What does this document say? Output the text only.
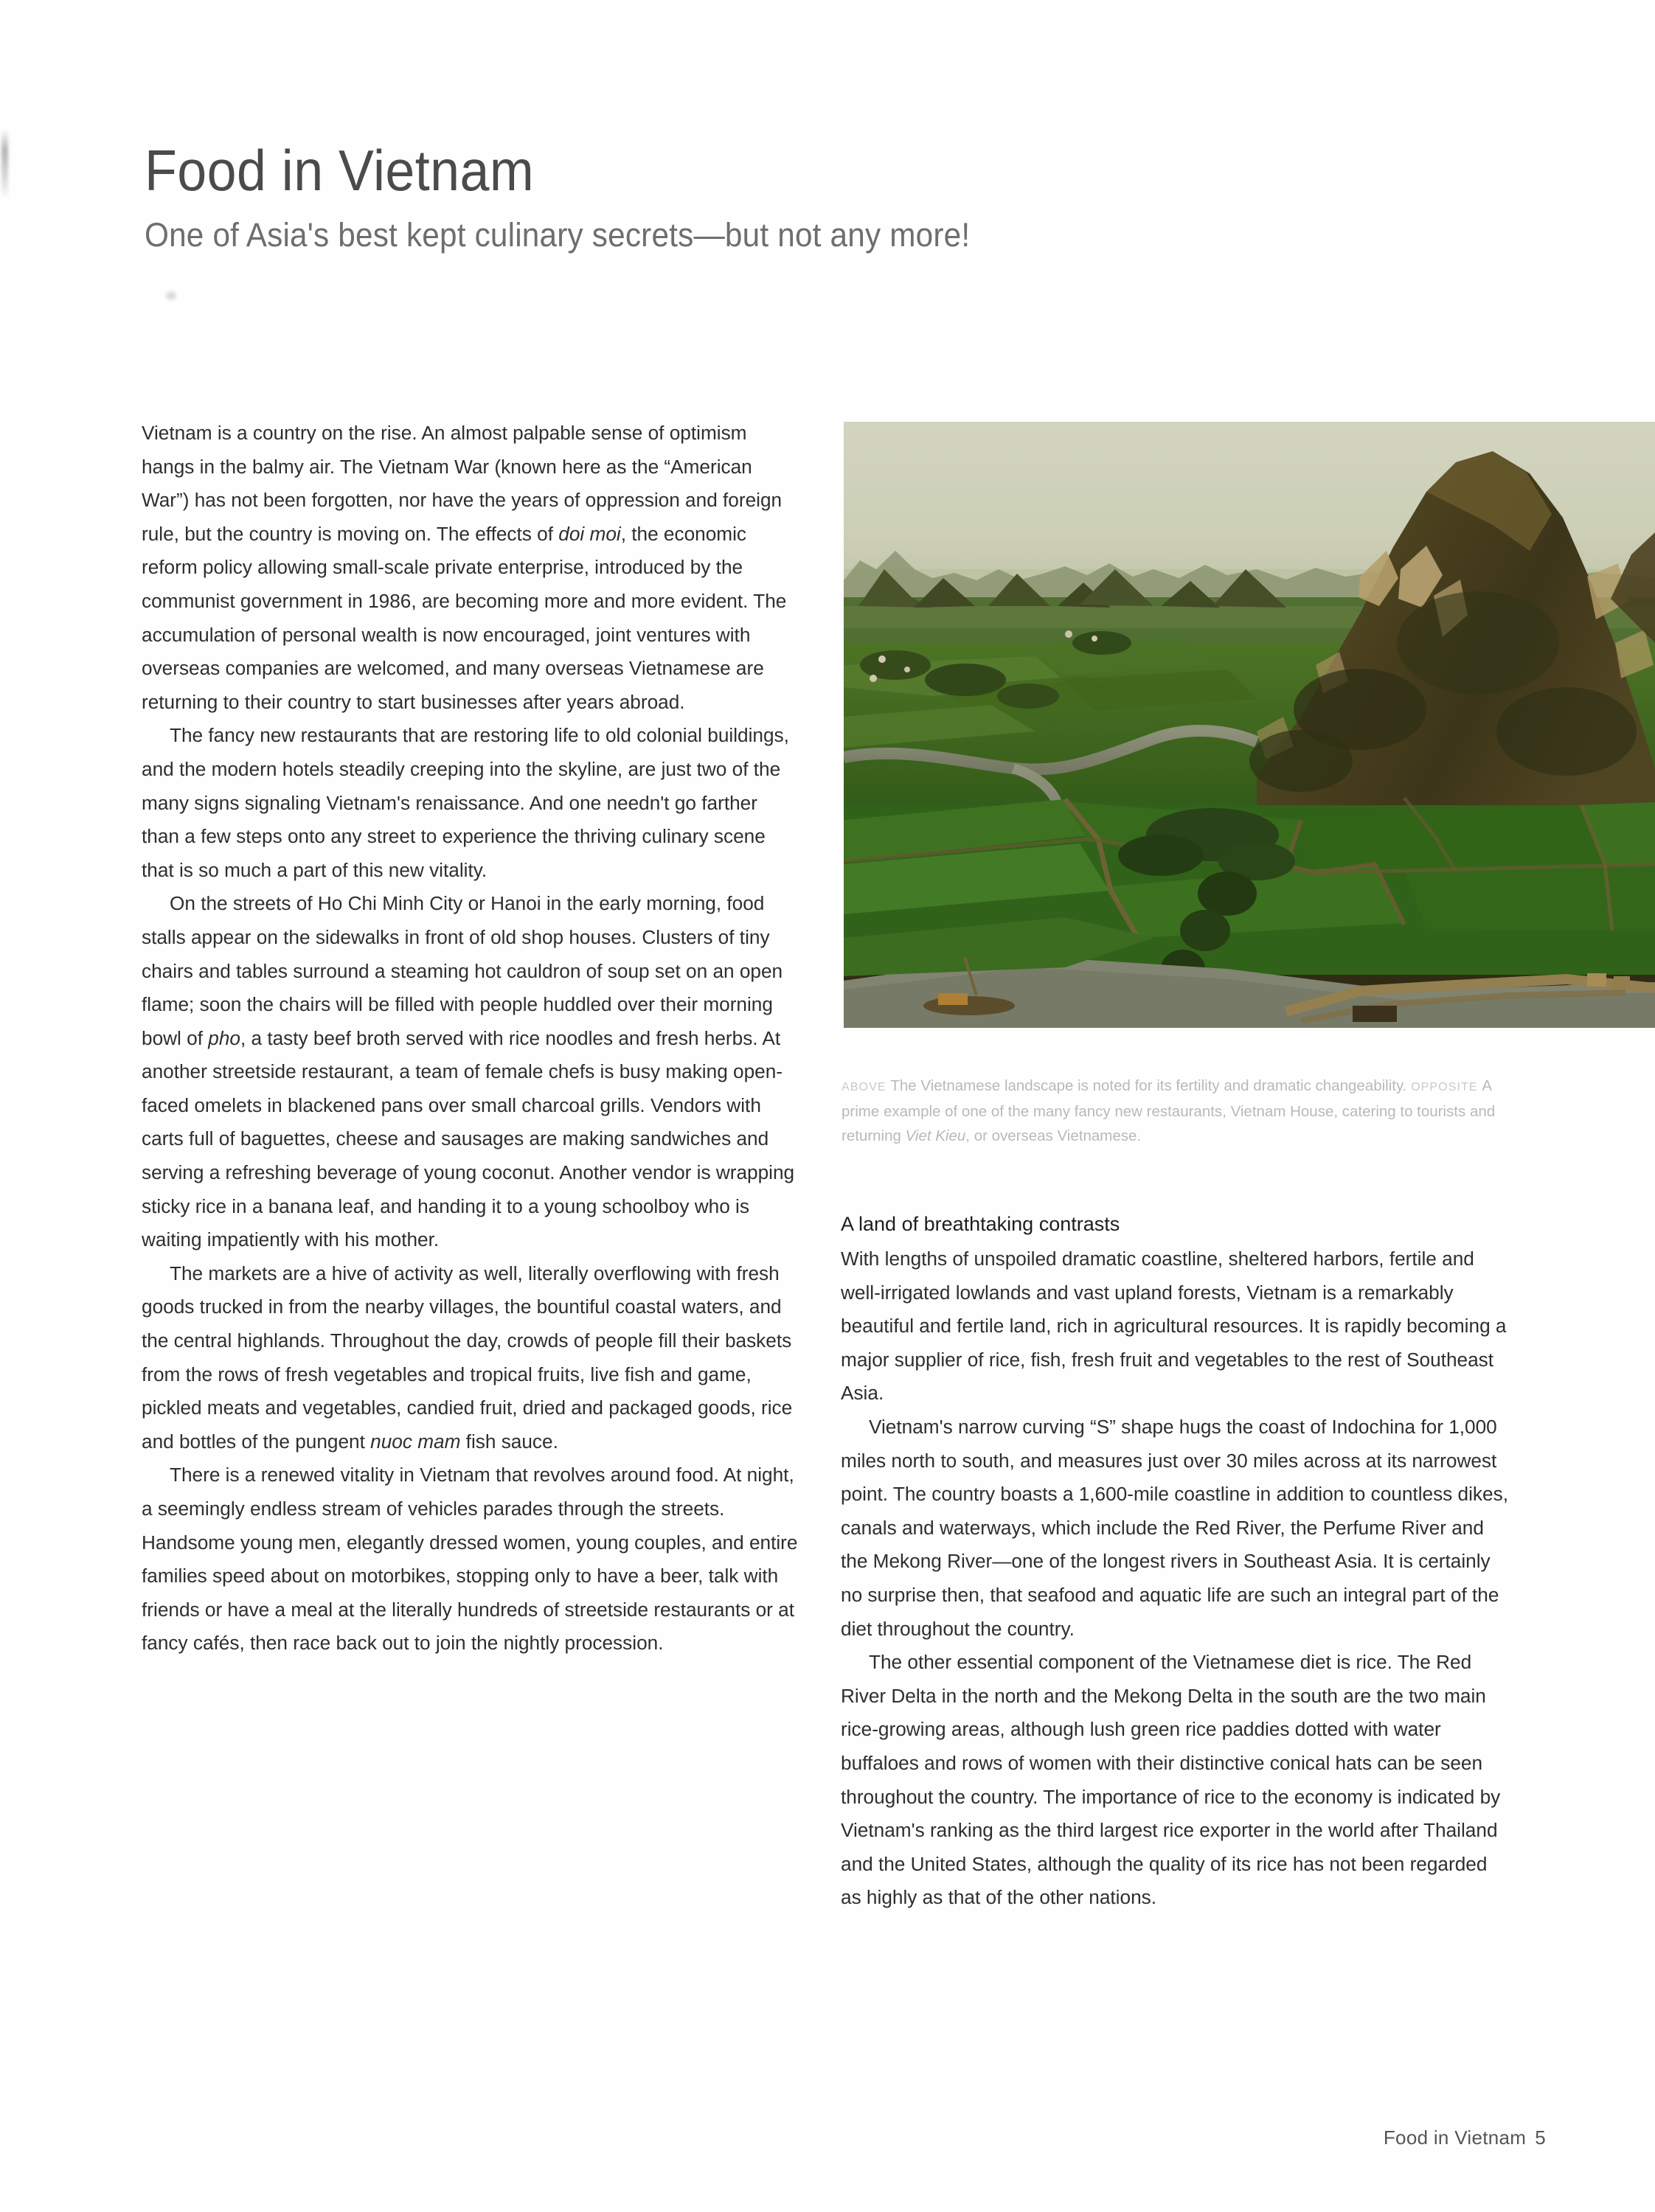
Food in Vietnam
One of Asia's best kept culinary secrets—but not any more!
ABOVE The Vietnamese landscape is noted for its fertility and dramatic changeability. OPPOSITE A prime example of one of the many fancy new restaurants, Vietnam House, catering to tourists and returning Viet Kieu, or overseas Vietnamese.

Vietnam is a country on the rise. An almost palpable sense of optimism hangs in the balmy air. The Vietnam War (known here as the “American War”) has not been forgotten, nor have the years of oppression and foreign rule, but the country is moving on. The effects of doi moi, the economic reform policy allowing small-scale private enterprise, introduced by the communist government in 1986, are becoming more and more evident. The accumulation of personal wealth is now encouraged, joint ventures with overseas companies are welcomed, and many overseas Vietnamese are returning to their country to start businesses after years abroad.

The fancy new restaurants that are restoring life to old colonial buildings, and the modern hotels steadily creeping into the skyline, are just two of the many signs signaling Vietnam's renaissance. And one needn't go farther than a few steps onto any street to experience the thriving culinary scene that is so much a part of this new vitality.

On the streets of Ho Chi Minh City or Hanoi in the early morning, food stalls appear on the sidewalks in front of old shop houses. Clusters of tiny chairs and tables surround a steaming hot cauldron of soup set on an open flame; soon the chairs will be filled with people huddled over their morning bowl of pho, a tasty beef broth served with rice noodles and fresh herbs. At another streetside restaurant, a team of female chefs is busy making open-faced omelets in blackened pans over small charcoal grills. Vendors with carts full of baguettes, cheese and sausages are making sandwiches and serving a refreshing beverage of young coconut. Another vendor is wrapping sticky rice in a banana leaf, and handing it to a young schoolboy who is waiting impatiently with his mother.

The markets are a hive of activity as well, literally overflowing with fresh goods trucked in from the nearby villages, the bountiful coastal waters, and the central highlands. Throughout the day, crowds of people fill their baskets from the rows of fresh vegetables and tropical fruits, live fish and game, pickled meats and vegetables, candied fruit, dried and packaged goods, rice and bottles of the pungent nuoc mam fish sauce.

There is a renewed vitality in Vietnam that revolves around food. At night, a seemingly endless stream of vehicles parades through the streets. Handsome young men, elegantly dressed women, young couples, and entire families speed about on motorbikes, stopping only to have a beer, talk with friends or have a meal at the literally hundreds of streetside restaurants or at fancy cafés, then race back out to join the nightly procession.

A land of breathtaking contrasts

With lengths of unspoiled dramatic coastline, sheltered harbors, fertile and well-irrigated lowlands and vast upland forests, Vietnam is a remarkably beautiful and fertile land, rich in agricultural resources. It is rapidly becoming a major supplier of rice, fish, fresh fruit and vegetables to the rest of Southeast Asia.

Vietnam's narrow curving “S” shape hugs the coast of Indochina for 1,000 miles north to south, and measures just over 30 miles across at its narrowest point. The country boasts a 1,600-mile coastline in addition to countless dikes, canals and waterways, which include the Red River, the Perfume River and the Mekong River—one of the longest rivers in Southeast Asia. It is certainly no surprise then, that seafood and aquatic life are such an integral part of the diet throughout the country.

The other essential component of the Vietnamese diet is rice. The Red River Delta in the north and the Mekong Delta in the south are the two main rice-growing areas, although lush green rice paddies dotted with water buffaloes and rows of women with their distinctive conical hats can be seen throughout the country. The importance of rice to the economy is indicated by Vietnam's ranking as the third largest rice exporter in the world after Thailand and the United States, although the quality of its rice has not been regarded as highly as that of the other nations.

Food in Vietnam 5
